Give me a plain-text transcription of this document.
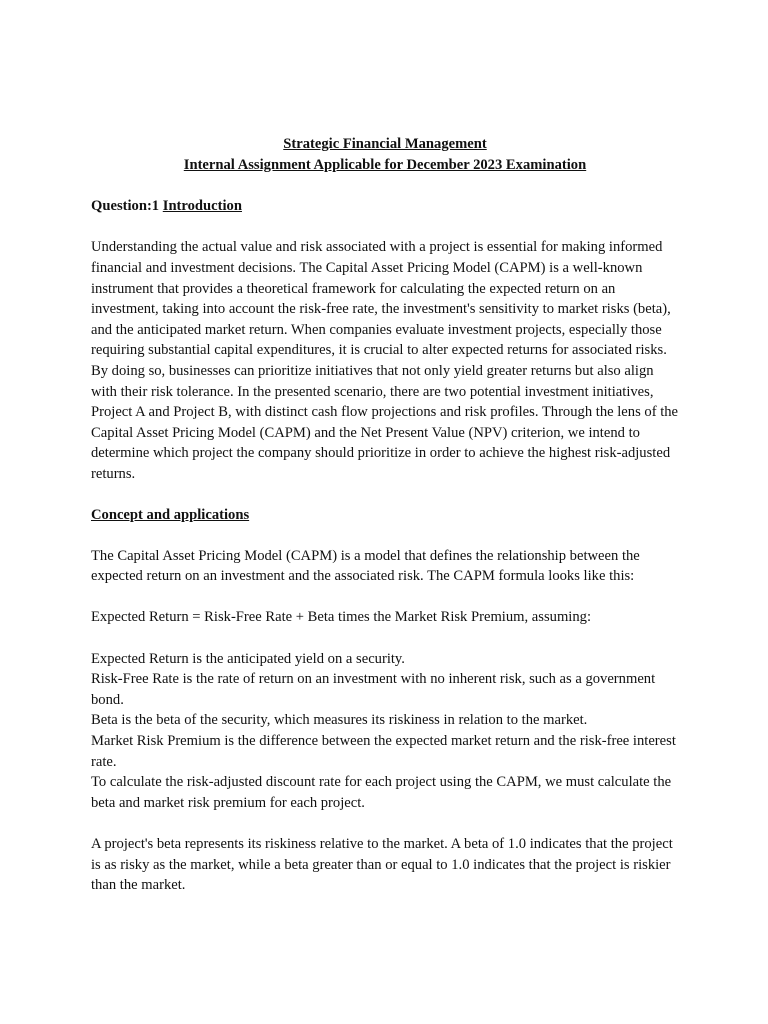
Strategic Financial Management

Internal Assignment Applicable for December 2023 Examination

Question:1 Introduction

Understanding the actual value and risk associated with a project is essential for making informed financial and investment decisions. The Capital Asset Pricing Model (CAPM) is a well-known instrument that provides a theoretical framework for calculating the expected return on an investment, taking into account the risk-free rate, the investment's sensitivity to market risks (beta), and the anticipated market return. When companies evaluate investment projects, especially those requiring substantial capital expenditures, it is crucial to alter expected returns for associated risks. By doing so, businesses can prioritize initiatives that not only yield greater returns but also align with their risk tolerance. In the presented scenario, there are two potential investment initiatives, Project A and Project B, with distinct cash flow projections and risk profiles. Through the lens of the Capital Asset Pricing Model (CAPM) and the Net Present Value (NPV) criterion, we intend to determine which project the company should prioritize in order to achieve the highest risk-adjusted returns.

Concept and applications

The Capital Asset Pricing Model (CAPM) is a model that defines the relationship between the expected return on an investment and the associated risk. The CAPM formula looks like this:

Expected Return = Risk-Free Rate + Beta times the Market Risk Premium, assuming:

Expected Return is the anticipated yield on a security.

Risk-Free Rate is the rate of return on an investment with no inherent risk, such as a government bond.

Beta is the beta of the security, which measures its riskiness in relation to the market.

Market Risk Premium is the difference between the expected market return and the risk-free interest rate.

To calculate the risk-adjusted discount rate for each project using the CAPM, we must calculate the beta and market risk premium for each project.

A project's beta represents its riskiness relative to the market. A beta of 1.0 indicates that the project is as risky as the market, while a beta greater than or equal to 1.0 indicates that the project is riskier than the market.
